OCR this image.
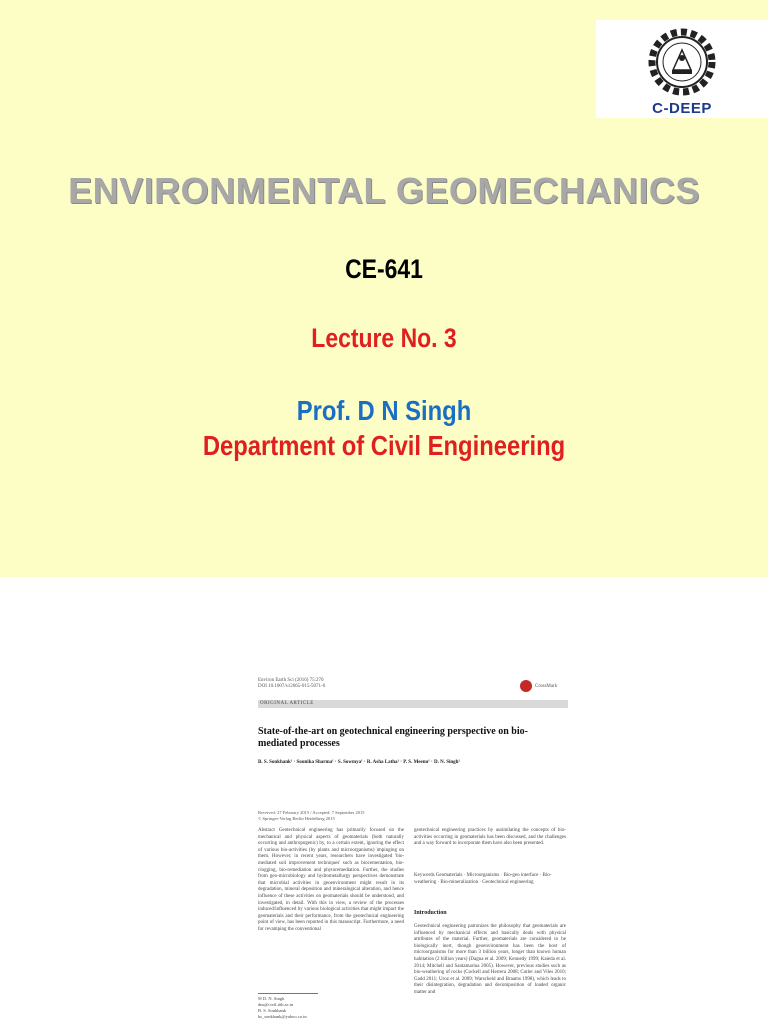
C-DEEP
ENVIRONMENTAL GEOMECHANICS
CE-641
Lecture No. 3
Prof. D N Singh
Department of Civil Engineering
Environ Earth Sci (2016) 75:270
DOI 10.1007/s12665-015-5071-6	CrossMark
ORIGINAL ARTICLE
State-of-the-art on geotechnical engineering perspective on bio-mediated processes
B. S. Sonkhank¹ · Sounika Sharma¹ · S. Sowmya¹ · R. Asha Latha¹ · P. S. Meenu¹ · D. N. Singh¹
Received: 27 February 2015 / Accepted: 7 September 2015
© Springer-Verlag Berlin Heidelberg 2015
Abstract Geotechnical engineering has primarily focused on the mechanical and physical aspects of geomaterials (both naturally occurring and anthropogenic) by, to a certain extent, ignoring the effect of various bio-activities (by plants and microorganisms) impinging on them. However, in recent years, researchers have investigated 'bio-mediated soil improvement techniques' such as biocementation, bio-clogging, bio-remediation and phytoremediation. Further, the studies from geo-microbiology and hydrometallurgy perspectives demonstrate that microbial activities in geoenvironment might result in its degradation, mineral deposition and mineralogical alteration, and hence influence of these activities on geomaterials should be understood, and investigated, in detail. With this in view, a review of the processes induced/influenced by various biological activities that might impact the geomaterials and their performance, from the geotechnical engineering point of view, has been reported in this manuscript. Furthermore, a need for revamping the conventional
geotechnical engineering practices by assimilating the concepts of bio-activities occurring in geomaterials has been discussed, and the challenges and a way forward to incorporate them have also been presented.
Keywords Geomaterials · Microorganisms · Bio-geo interface · Bio-weathering · Bio-mineralization · Geotechnical engineering
Introduction
Geotechnical engineering patronizes the philosophy that geomaterials are influenced by mechanical effects and basically deals with physical attributes of the material. Further, geomaterials are considered to be biologically inert, though geoenvironment has been the host of microorganisms for more than 3 billion years, longer than known human habitation (2 billion years) (Dagna et al. 2009; Kennedy 1999; Kaieda et al. 2014; Mitchell and Santamarina 2005). However, previous studies such as bio-weathering of rocks (Cockell and Herrera 2008; Cutler and Viles 2010; Gadd 2011; Uroz et al. 2009; Warscheid and Braams 1998), which leads to their disintegration, degradation and decomposition of loaded organic matter and
✉ D. N. Singh
dns@civil.iitb.ac.in
B. S. Sonkhank
bs_sonkhank@yahoo.co.in
